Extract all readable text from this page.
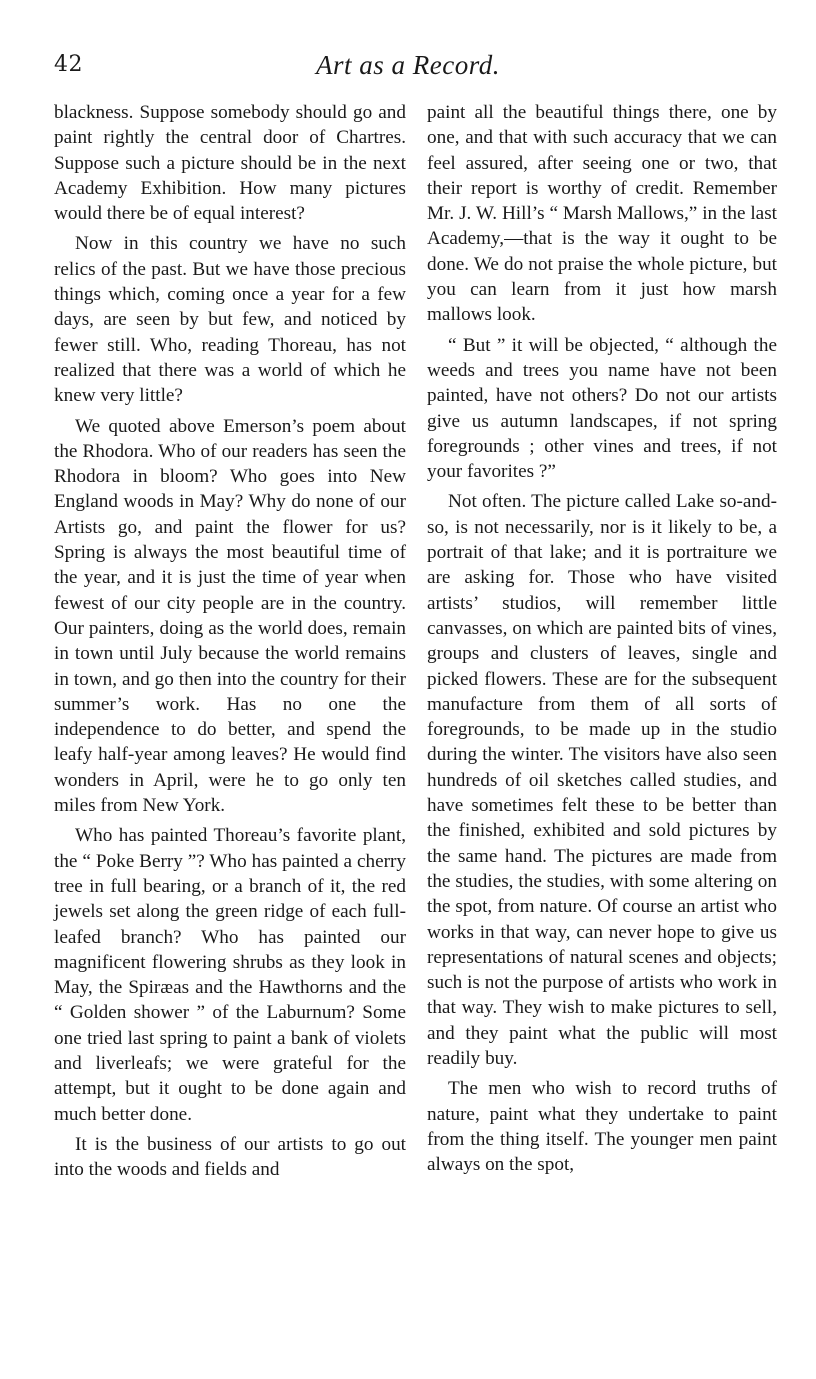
42	Art as a Record.

blackness. Suppose somebody should go and paint rightly the central door of Chartres. Suppose such a picture should be in the next Academy Exhibition. How many pictures would there be of equal interest?

Now in this country we have no such relics of the past. But we have those precious things which, coming once a year for a few days, are seen by but few, and noticed by fewer still. Who, reading Thoreau, has not realized that there was a world of which he knew very little?

We quoted above Emerson’s poem about the Rhodora. Who of our readers has seen the Rhodora in bloom? Who goes into New England woods in May? Why do none of our Artists go, and paint the flower for us? Spring is always the most beautiful time of the year, and it is just the time of year when fewest of our city people are in the country. Our painters, doing as the world does, remain in town until July because the world remains in town, and go then into the country for their summer’s work. Has no one the independence to do better, and spend the leafy half-year among leaves? He would find wonders in April, were he to go only ten miles from New York.

Who has painted Thoreau’s favorite plant, the “ Poke Berry ”? Who has painted a cherry tree in full bearing, or a branch of it, the red jewels set along the green ridge of each full-leafed branch? Who has painted our magnificent flowering shrubs as they look in May, the Spiræas and the Hawthorns and the “ Golden shower ” of the Laburnum? Some one tried last spring to paint a bank of violets and liverleafs; we were grateful for the attempt, but it ought to be done again and much better done.

It is the business of our artists to go out into the woods and fields and

paint all the beautiful things there, one by one, and that with such accuracy that we can feel assured, after seeing one or two, that their report is worthy of credit. Remember Mr. J. W. Hill’s “ Marsh Mallows,” in the last Academy,—that is the way it ought to be done. We do not praise the whole picture, but you can learn from it just how marsh mallows look.

“ But ” it will be objected, “ although the weeds and trees you name have not been painted, have not others? Do not our artists give us autumn landscapes, if not spring foregrounds ; other vines and trees, if not your favorites ?”

Not often. The picture called Lake so-and-so, is not necessarily, nor is it likely to be, a portrait of that lake; and it is portraiture we are asking for. Those who have visited artists’ studios, will remember little canvasses, on which are painted bits of vines, groups and clusters of leaves, single and picked flowers. These are for the subsequent manufacture from them of all sorts of foregrounds, to be made up in the studio during the winter. The visitors have also seen hundreds of oil sketches called studies, and have sometimes felt these to be better than the finished, exhibited and sold pictures by the same hand. The pictures are made from the studies, the studies, with some altering on the spot, from nature. Of course an artist who works in that way, can never hope to give us representations of natural scenes and objects; such is not the purpose of artists who work in that way. They wish to make pictures to sell, and they paint what the public will most readily buy.

The men who wish to record truths of nature, paint what they undertake to paint from the thing itself. The younger men paint always on the spot,
